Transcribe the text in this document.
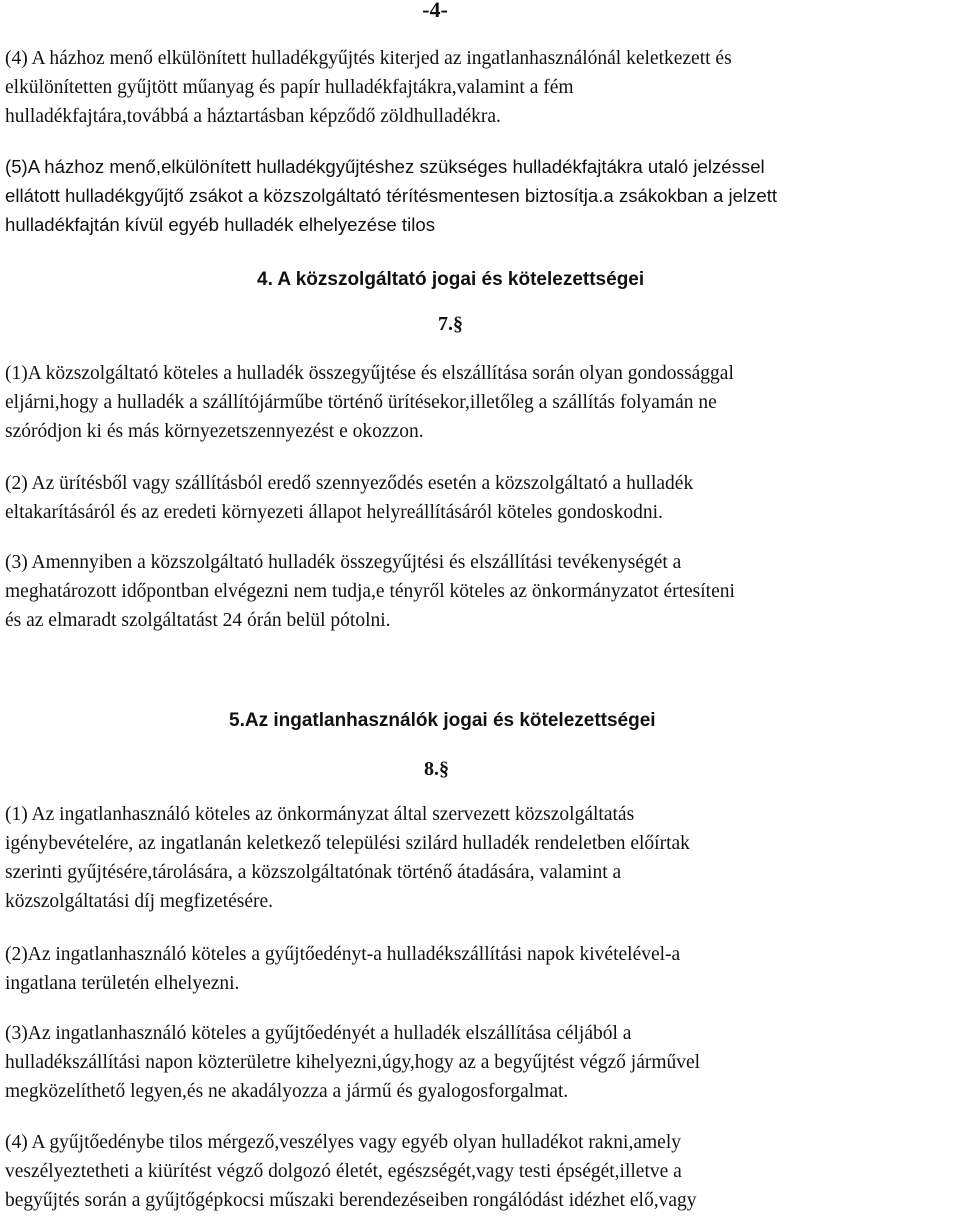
-4-
(4) A házhoz menő elkülönített hulladékgyűjtés kiterjed az ingatlanhasználónál keletkezett és
elkülönítetten gyűjtött műanyag és papír hulladékfajtákra,valamint a fém
hulladékfajtára,továbbá a háztartásban képződő zöldhulladékra.
(5)A házhoz menő,elkülönített hulladékgyűjtéshez szükséges hulladékfajtákra utaló jelzéssel
ellátott hulladékgyűjtő zsákot a közszolgáltató térítésmentesen biztosítja.a zsákokban a jelzett
hulladékfajtán kívül egyéb hulladék elhelyezése tilos
4. A közszolgáltató jogai és kötelezettségei
7.§
(1)A közszolgáltató köteles a hulladék összegyűjtése és elszállítása során olyan gondossággal
eljárni,hogy a hulladék a szállítójárműbe történő ürítésekor,illetőleg a szállítás folyamán ne
szóródjon ki és más környezetszennyezést e okozzon.
(2) Az ürítésből vagy szállításból eredő szennyeződés esetén a közszolgáltató a hulladék
eltakarításáról és az eredeti környezeti állapot helyreállításáról köteles gondoskodni.
(3) Amennyiben a közszolgáltató hulladék összegyűjtési és elszállítási tevékenységét a
meghatározott időpontban elvégezni nem tudja,e tényről köteles az önkormányzatot értesíteni
és az elmaradt szolgáltatást 24 órán belül pótolni.
5.Az ingatlanhasználók jogai és kötelezettségei
8.§
(1) Az ingatlanhasználó köteles az önkormányzat által szervezett közszolgáltatás
igénybevételére, az ingatlanán keletkező települési szilárd hulladék rendeletben előírtak
szerinti gyűjtésére,tárolására, a közszolgáltatónak történő átadására, valamint a
közszolgáltatási díj megfizetésére.
(2)Az ingatlanhasználó köteles a gyűjtőedényt-a hulladékszállítási napok kivételével-a
ingatlana területén elhelyezni.
(3)Az ingatlanhasználó köteles a gyűjtőedényét a hulladék elszállítása céljából a
hulladékszállítási napon közterületre kihelyezni,úgy,hogy az a begyűjtést végző járművel
megközelíthető legyen,és ne akadályozza a jármű és gyalogosforgalmat.
(4) A gyűjtőedénybe tilos mérgező,veszélyes vagy egyéb olyan hulladékot rakni,amely
veszélyeztetheti a kiürítést végző dolgozó életét, egészségét,vagy testi épségét,illetve a
begyűjtés során a gyűjtőgépkocsi műszaki berendezéseiben rongálódást idézhet elő,vagy
